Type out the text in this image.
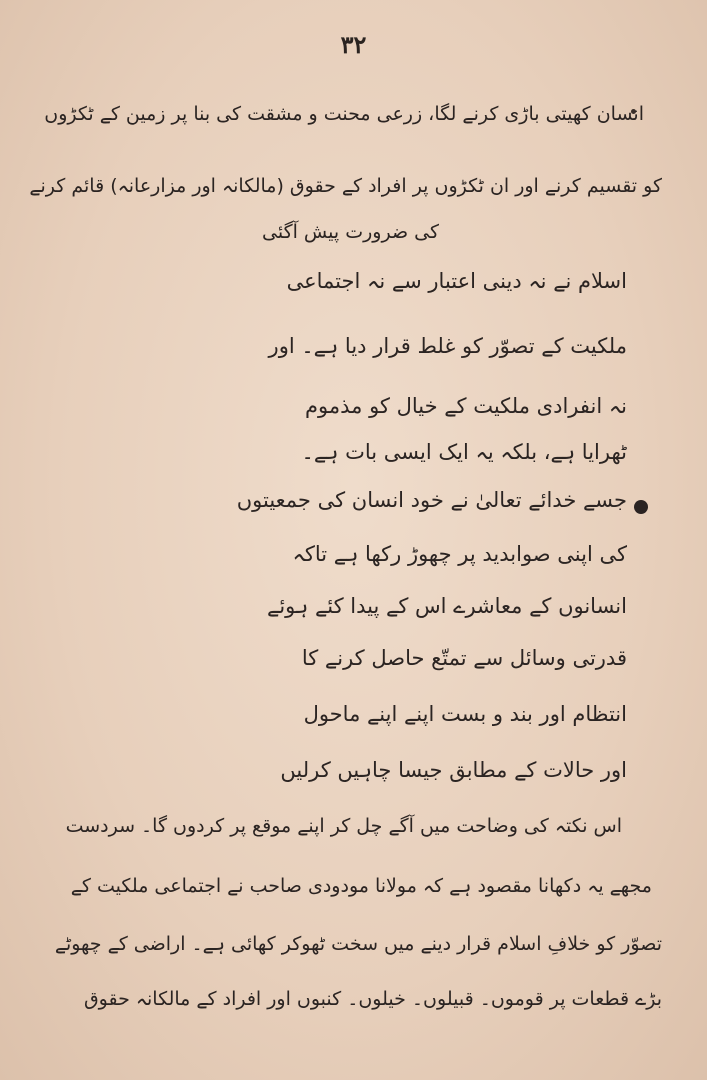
۳۲
انسان کھیتی باڑی کرنے لگا، زرعی محنت و مشقت کی بنا پر زمین کے ٹکڑوں
کو تقسیم کرنے اور ان ٹکڑوں پر افراد کے حقوق (مالکانہ اور مزارعانہ) قائم کرنے
کی ضرورت پیش آگئی
اسلام نے نہ دینی اعتبار سے نہ اجتماعی
ملکیت کے تصوّر کو غلط قرار دیا ہے۔ اور
نہ انفرادی ملکیت کے خیال کو مذموم
ٹھرایا ہے، بلکہ یہ ایک ایسی بات ہے۔
جسے خدائے تعالیٰ نے خود انسان کی جمعیتوں
کی اپنی صوابدید پر چھوڑ رکھا ہے تاکہ
انسانوں کے معاشرے اس کے پیدا کئے ہوئے
قدرتی وسائل سے تمتّع حاصل کرنے کا
انتظام اور بند و بست اپنے اپنے ماحول
اور حالات کے مطابق جیسا چاہیں کرلیں
اس نکتہ کی وضاحت میں آگے چل کر اپنے موقع پر کردوں گا۔ سردست
مجھے یہ دکھانا مقصود ہے کہ مولانا مودودی صاحب نے اجتماعی ملکیت کے
تصوّر کو خلافِ اسلام قرار دینے میں سخت ٹھوکر کھائی ہے۔ اراضی کے چھوٹے
بڑے قطعات پر قوموں۔ قبیلوں۔ خیلوں۔ کنبوں اور افراد کے مالکانہ حقوق
